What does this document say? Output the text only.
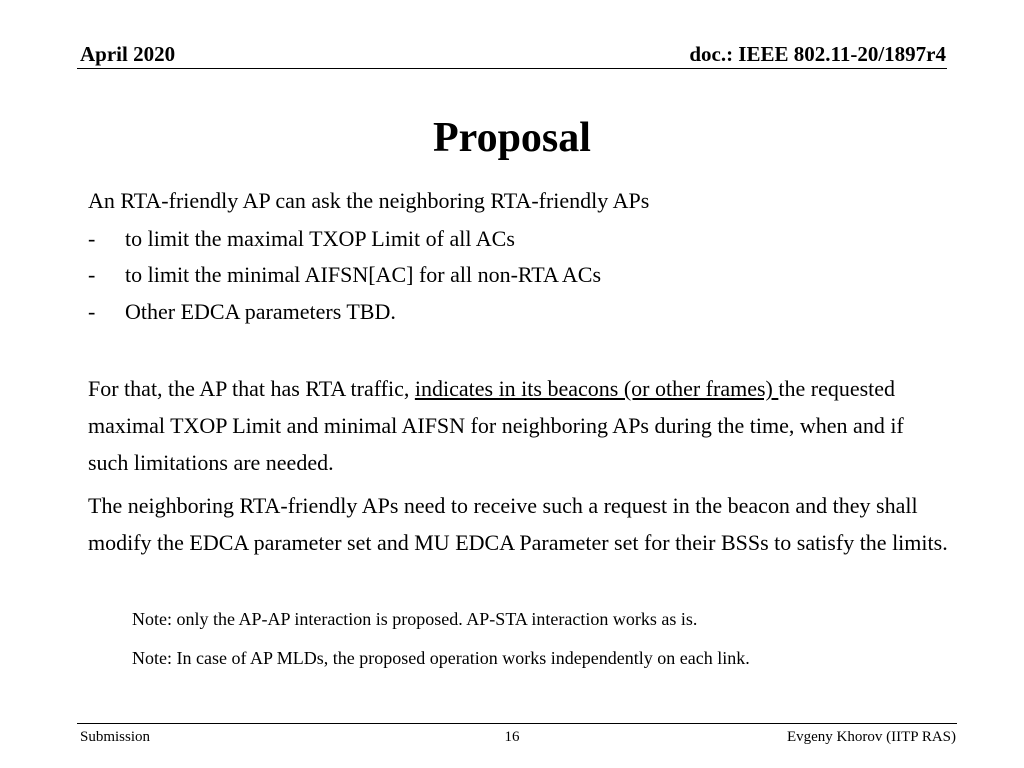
April 2020	doc.: IEEE 802.11-20/1897r4
Proposal
An RTA-friendly AP can ask the neighboring RTA-friendly APs
- to limit the maximal TXOP Limit of all ACs
- to limit the minimal AIFSN[AC] for all non-RTA ACs
- Other EDCA parameters TBD.
For that, the AP that has RTA traffic, indicates in its beacons (or other frames) the requested maximal TXOP Limit and minimal AIFSN for neighboring APs during the time, when and if such limitations are needed.
The neighboring RTA-friendly APs need to receive such a request in the beacon and they shall modify the EDCA parameter set and MU EDCA Parameter set for their BSSs to satisfy the limits.
Note: only the AP-AP interaction is proposed. AP-STA interaction works as is.
Note: In case of AP MLDs, the proposed operation works independently on each link.
Submission	16	Evgeny Khorov (IITP RAS)
